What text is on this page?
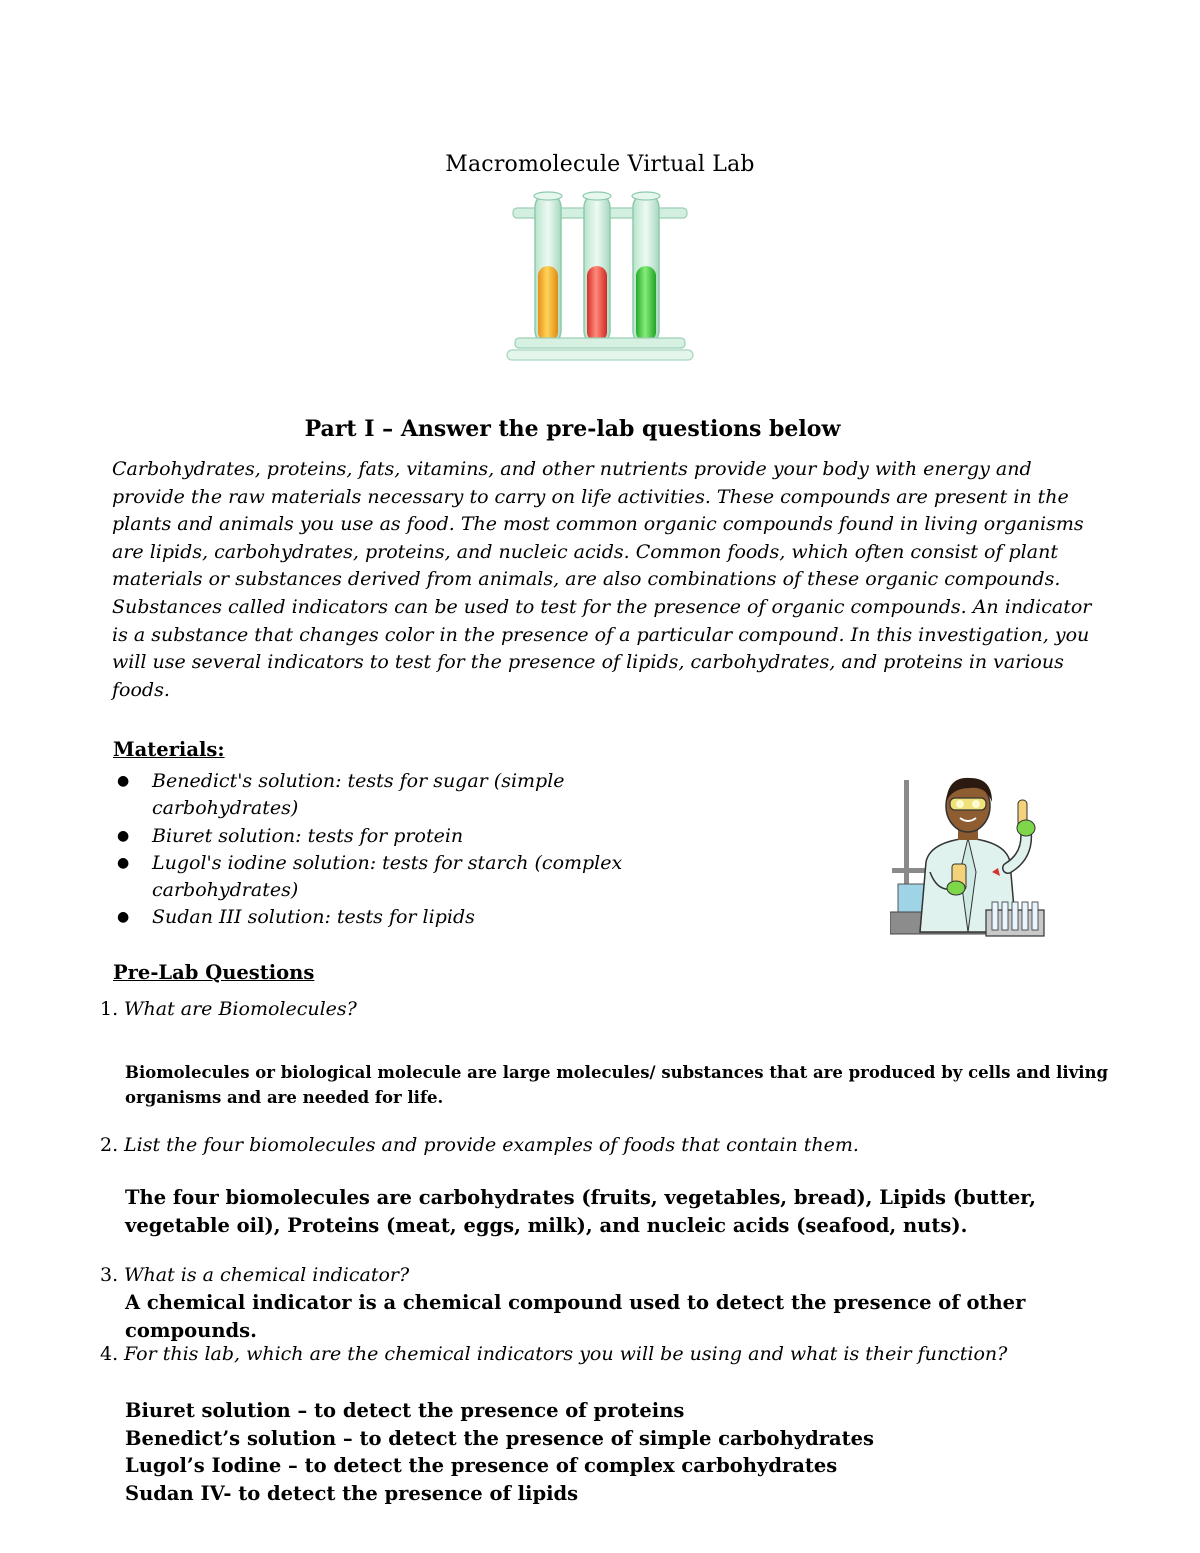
Macromolecule Virtual Lab
Part I – Answer the pre-lab questions below

Carbohydrates, proteins, fats, vitamins, and other nutrients provide your body with energy and provide the raw materials necessary to carry on life activities. These compounds are present in the plants and animals you use as food. The most common organic compounds found in living organisms are lipids, carbohydrates, proteins, and nucleic acids. Common foods, which often consist of plant materials or substances derived from animals, are also combinations of these organic compounds. Substances called indicators can be used to test for the presence of organic compounds. An indicator is a substance that changes color in the presence of a particular compound. In this investigation, you will use several indicators to test for the presence of lipids, carbohydrates, and proteins in various foods.

Materials:
● Benedict's solution: tests for sugar (simple carbohydrates)
● Biuret solution: tests for protein
● Lugol's iodine solution: tests for starch (complex carbohydrates)
● Sudan III solution: tests for lipids
Pre-Lab Questions
1. What are Biomolecules?
Biomolecules or biological molecule are large molecules/ substances that are produced by cells and living organisms and are needed for life.
2. List the four biomolecules and provide examples of foods that contain them.
The four biomolecules are carbohydrates (fruits, vegetables, bread), Lipids (butter, vegetable oil), Proteins (meat, eggs, milk), and nucleic acids (seafood, nuts).
3. What is a chemical indicator?
A chemical indicator is a chemical compound used to detect the presence of other compounds.
4. For this lab, which are the chemical indicators you will be using and what is their function?
Biuret solution – to detect the presence of proteins
Benedict’s solution – to detect the presence of simple carbohydrates
Lugol’s Iodine – to detect the presence of complex carbohydrates
Sudan IV- to detect the presence of lipids
